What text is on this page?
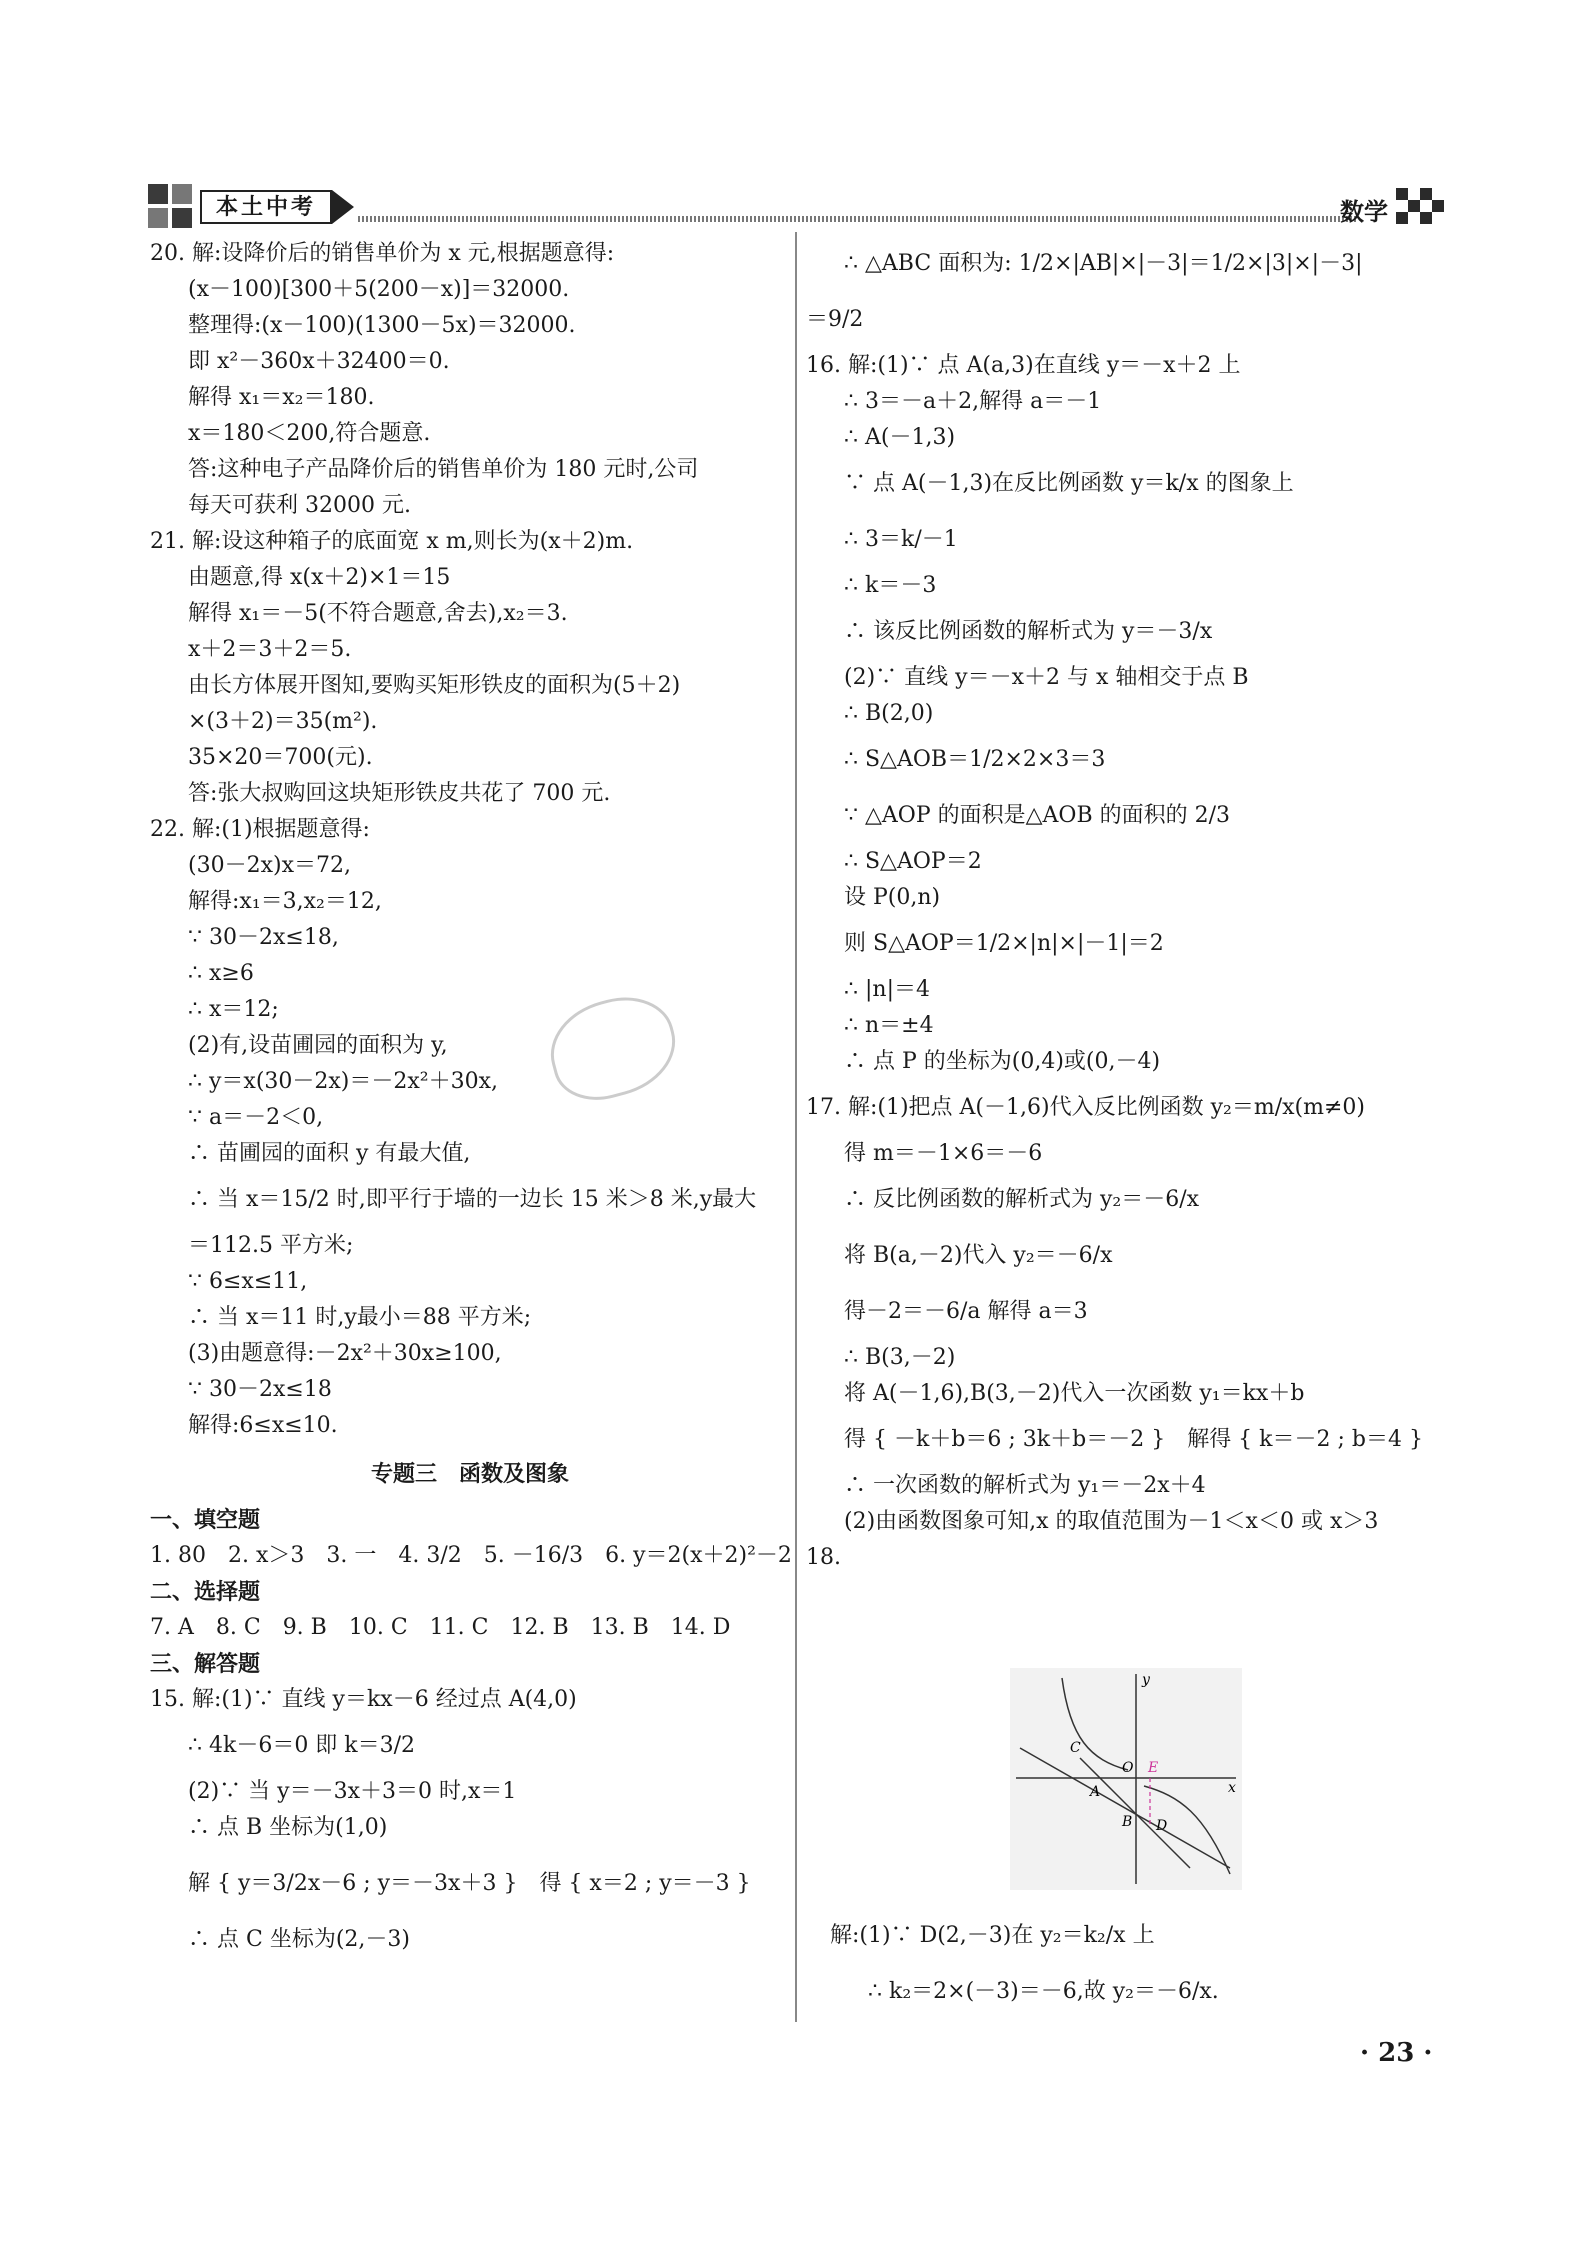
本土中考	数学
20. 解:设降价后的销售单价为 x 元,根据题意得:
(x－100)[300＋5(200－x)]＝32000.
整理得:(x－100)(1300－5x)＝32000.
即 x²－360x＋32400＝0.
解得 x₁＝x₂＝180.
x＝180＜200,符合题意.
答:这种电子产品降价后的销售单价为 180 元时,公司
每天可获利 32000 元.
21. 解:设这种箱子的底面宽 x m,则长为(x＋2)m.
由题意,得 x(x＋2)×1＝15
解得 x₁＝－5(不符合题意,舍去),x₂＝3.
x＋2＝3＋2＝5.
由长方体展开图知,要购买矩形铁皮的面积为(5＋2)
×(3＋2)＝35(m²).
35×20＝700(元).
答:张大叔购回这块矩形铁皮共花了 700 元.
22. 解:(1)根据题意得:
(30－2x)x＝72,
解得:x₁＝3,x₂＝12,
∵ 30－2x≤18,
∴ x≥6
∴ x＝12;
(2)有,设苗圃园的面积为 y,
∴ y＝x(30－2x)＝－2x²＋30x,
∵ a＝－2＜0,
∴ 苗圃园的面积 y 有最大值,
∴ 当 x＝15/2 时,即平行于墙的一边长 15 米＞8 米,y最大
＝112.5 平方米;
∵ 6≤x≤11,
∴ 当 x＝11 时,y最小＝88 平方米;
(3)由题意得:－2x²＋30x≥100,
∵ 30－2x≤18
解得:6≤x≤10.
专题三　函数及图象
一、填空题
1. 80　2. x＞3　3. 一　4. 3/2　5. －16/3　6. y＝2(x＋2)²－2
二、选择题
7. A　8. C　9. B　10. C　11. C　12. B　13. B　14. D
三、解答题
15. 解:(1)∵ 直线 y＝kx－6 经过点 A(4,0)
∴ 4k－6＝0 即 k＝3/2
(2)∵ 当 y＝－3x＋3＝0 时,x＝1
∴ 点 B 坐标为(1,0)
解 { y＝3/2x－6 ; y＝－3x＋3 }　得 { x＝2 ; y＝－3 }
∴ 点 C 坐标为(2,－3)
∴ △ABC 面积为: 1/2×|AB|×|－3|＝1/2×|3|×|－3|
＝9/2
16. 解:(1)∵ 点 A(a,3)在直线 y＝－x＋2 上
∴ 3＝－a＋2,解得 a＝－1
∴ A(－1,3)
∵ 点 A(－1,3)在反比例函数 y＝k/x 的图象上
∴ 3＝k/－1
∴ k＝－3
∴ 该反比例函数的解析式为 y＝－3/x
(2)∵ 直线 y＝－x＋2 与 x 轴相交于点 B
∴ B(2,0)
∴ S△AOB＝1/2×2×3＝3
∵ △AOP 的面积是△AOB 的面积的 2/3
∴ S△AOP＝2
设 P(0,n)
则 S△AOP＝1/2×|n|×|－1|＝2
∴ |n|＝4
∴ n＝±4
∴ 点 P 的坐标为(0,4)或(0,－4)
17. 解:(1)把点 A(－1,6)代入反比例函数 y₂＝m/x(m≠0)
得 m＝－1×6＝－6
∴ 反比例函数的解析式为 y₂＝－6/x
将 B(a,－2)代入 y₂＝－6/x
得－2＝－6/a 解得 a＝3
∴ B(3,－2)
将 A(－1,6),B(3,－2)代入一次函数 y₁＝kx＋b
得 { －k＋b＝6 ; 3k＋b＝－2 }　解得 { k＝－2 ; b＝4 }
∴ 一次函数的解析式为 y₁＝－2x＋4
(2)由函数图象可知,x 的取值范围为－1＜x＜0 或 x＞3
18.
y
x
C
O E
A
B D
解:(1)∵ D(2,－3)在 y₂＝k₂/x 上
∴ k₂＝2×(－3)＝－6,故 y₂＝－6/x.
· 23 ·
